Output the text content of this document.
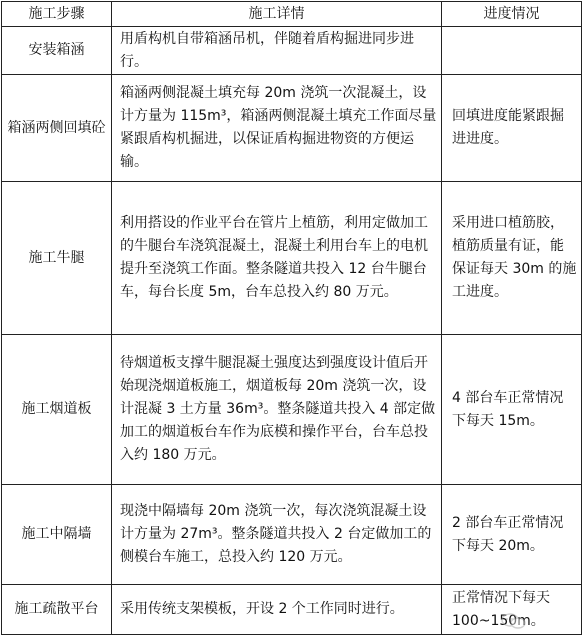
施工步骤	施工详情	进度情况
安装箱涵	用盾构机自带箱涵吊机，伴随着盾构掘进同步进行。	
箱涵两侧回填砼	箱涵两侧混凝土填充每 20m 浇筑一次混凝土，设计方量为 115m³，箱涵两侧混凝土填充工作面尽量紧跟盾构机掘进，以保证盾构掘进物资的方便运输。	回填进度能紧跟掘进进度。
施工牛腿	利用搭设的作业平台在管片上植筋，利用定做加工的牛腿台车浇筑混凝土，混凝土利用台车上的电机提升至浇筑工作面。整条隧道共投入 12 台牛腿台车，每台长度 5m，台车总投入约 80 万元。	采用进口植筋胶，植筋质量有证，能保证每天 30m 的施工进度。
施工烟道板	待烟道板支撑牛腿混凝土强度达到强度设计值后开始现浇烟道板施工，烟道板每 20m 浇筑一次，设计混凝 3 土方量 36m³。整条隧道共投入 4 部定做加工的烟道板台车作为底模和操作平台，台车总投入约 180 万元。	4 部台车正常情况下每天 15m。
施工中隔墙	现浇中隔墙每 20m 浇筑一次，每次浇筑混凝土设计方量为 27m³。整条隧道共投入 2 台定做加工的侧模台车施工，总投入约 120 万元。	2 部台车正常情况下每天 20m。
施工疏散平台	采用传统支架模板，开设 2 个工作同时进行。	正常情况下每天 100~150m。
